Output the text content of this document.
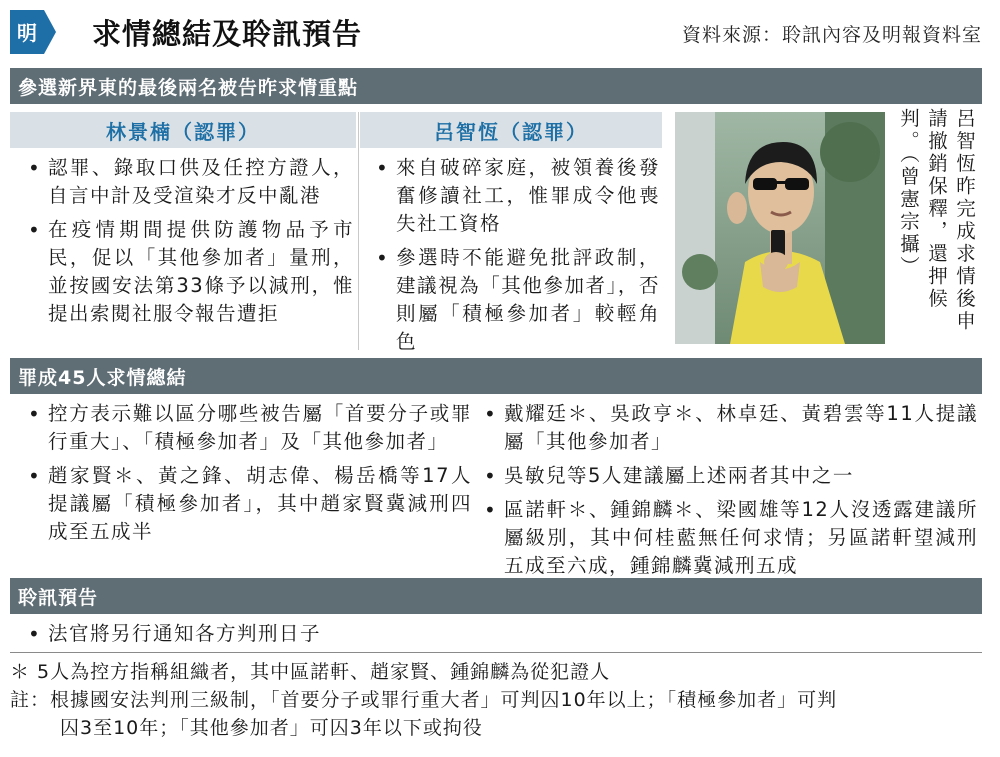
明 求情總結及聆訊預告	資料來源：聆訊內容及明報資料室
參選新界東的最後兩名被告昨求情重點
林景楠（認罪）	呂智恆（認罪）
• 認罪、錄取口供及任控方證人，自言中計及受渲染才反中亂港
• 在疫情期間提供防護物品予市民，促以「其他參加者」量刑，並按國安法第33條予以減刑，惟提出索閱社服令報告遭拒
• 來自破碎家庭，被領養後發奮修讀社工，惟罪成令他喪失社工資格
• 參選時不能避免批評政制，建議視為「其他參加者」，否則屬「積極參加者」較輕角色
呂智恆昨完成求情後申
請撤銷保釋，還押候
判。（曾憲宗攝）
罪成45人求情總結
• 控方表示難以區分哪些被告屬「首要分子或罪行重大」、「積極參加者」及「其他參加者」
• 趙家賢＊、黃之鋒、胡志偉、楊岳橋等17人提議屬「積極參加者」，其中趙家賢冀減刑四成至五成半
• 戴耀廷＊、吳政亨＊、林卓廷、黃碧雲等11人提議屬「其他參加者」
• 吳敏兒等5人建議屬上述兩者其中之一
• 區諾軒＊、鍾錦麟＊、梁國雄等12人沒透露建議所屬級別，其中何桂藍無任何求情；另區諾軒望減刑五成至六成，鍾錦麟冀減刑五成
聆訊預告
• 法官將另行通知各方判刑日子
＊ 5人為控方指稱組織者，其中區諾軒、趙家賢、鍾錦麟為從犯證人
註：根據國安法判刑三級制，「首要分子或罪行重大者」可判囚10年以上；「積極參加者」可判
囚3至10年；「其他參加者」可囚3年以下或拘役
